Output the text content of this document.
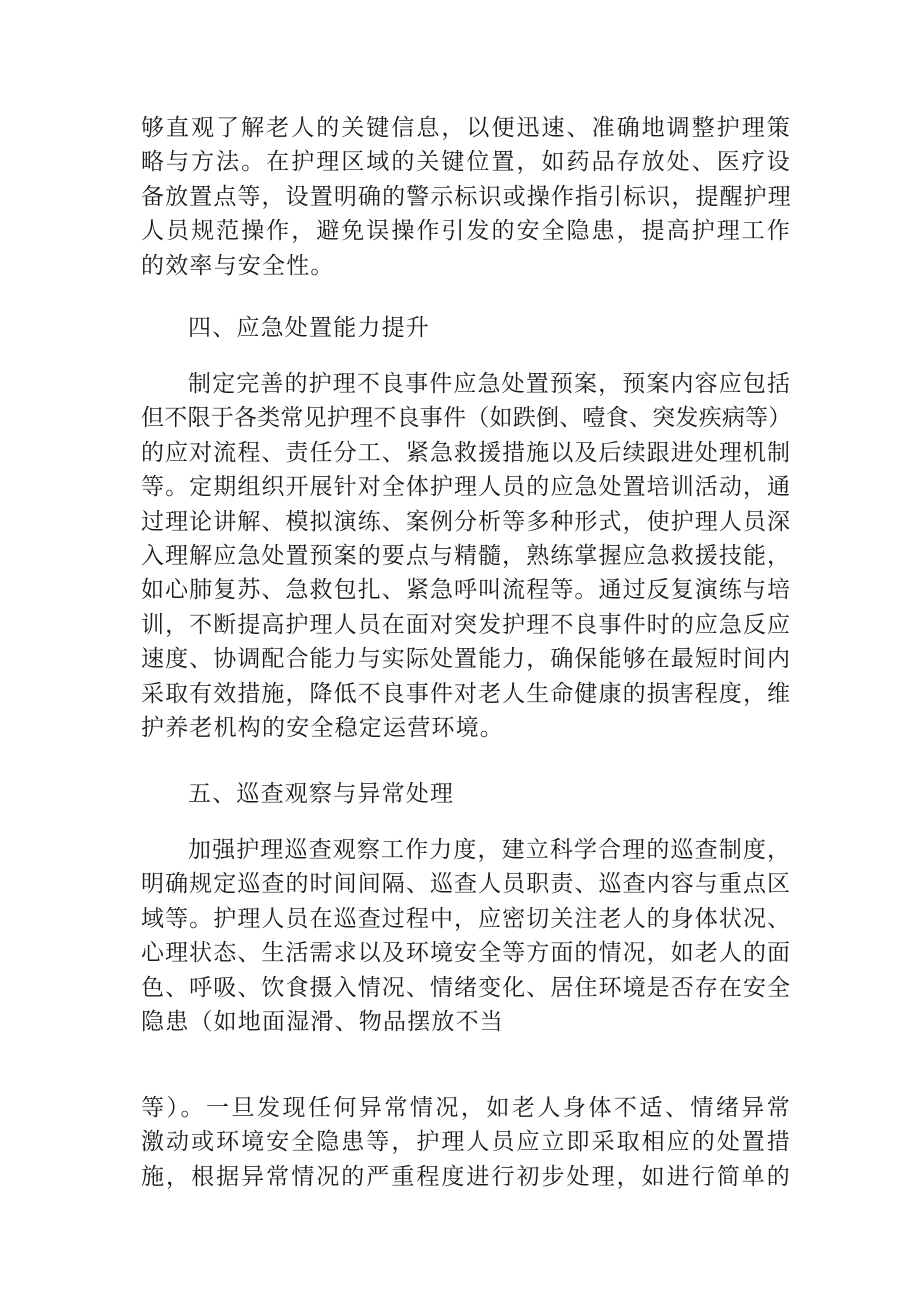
够直观了解老人的关键信息，以便迅速、准确地调整护理策
略与方法。在护理区域的关键位置，如药品存放处、医疗设
备放置点等，设置明确的警示标识或操作指引标识，提醒护理
人员规范操作，避免误操作引发的安全隐患，提高护理工作
的效率与安全性。
四、应急处置能力提升
制定完善的护理不良事件应急处置预案，预案内容应包括
但不限于各类常见护理不良事件（如跌倒、噎食、突发疾病等）
的应对流程、责任分工、紧急救援措施以及后续跟进处理机制
等。定期组织开展针对全体护理人员的应急处置培训活动，通
过理论讲解、模拟演练、案例分析等多种形式，使护理人员深
入理解应急处置预案的要点与精髓，熟练掌握应急救援技能，
如心肺复苏、急救包扎、紧急呼叫流程等。通过反复演练与培
训，不断提高护理人员在面对突发护理不良事件时的应急反应
速度、协调配合能力与实际处置能力，确保能够在最短时间内
采取有效措施，降低不良事件对老人生命健康的损害程度，维
护养老机构的安全稳定运营环境。
五、巡查观察与异常处理
加强护理巡查观察工作力度，建立科学合理的巡查制度，
明确规定巡查的时间间隔、巡查人员职责、巡查内容与重点区
域等。护理人员在巡查过程中，应密切关注老人的身体状况、
心理状态、生活需求以及环境安全等方面的情况，如老人的面
色、呼吸、饮食摄入情况、情绪变化、居住环境是否存在安全
隐患（如地面湿滑、物品摆放不当
等）。一旦发现任何异常情况，如老人身体不适、情绪异常
激动或环境安全隐患等，护理人员应立即采取相应的处置措
施，根据异常情况的严重程度进行初步处理，如进行简单的
